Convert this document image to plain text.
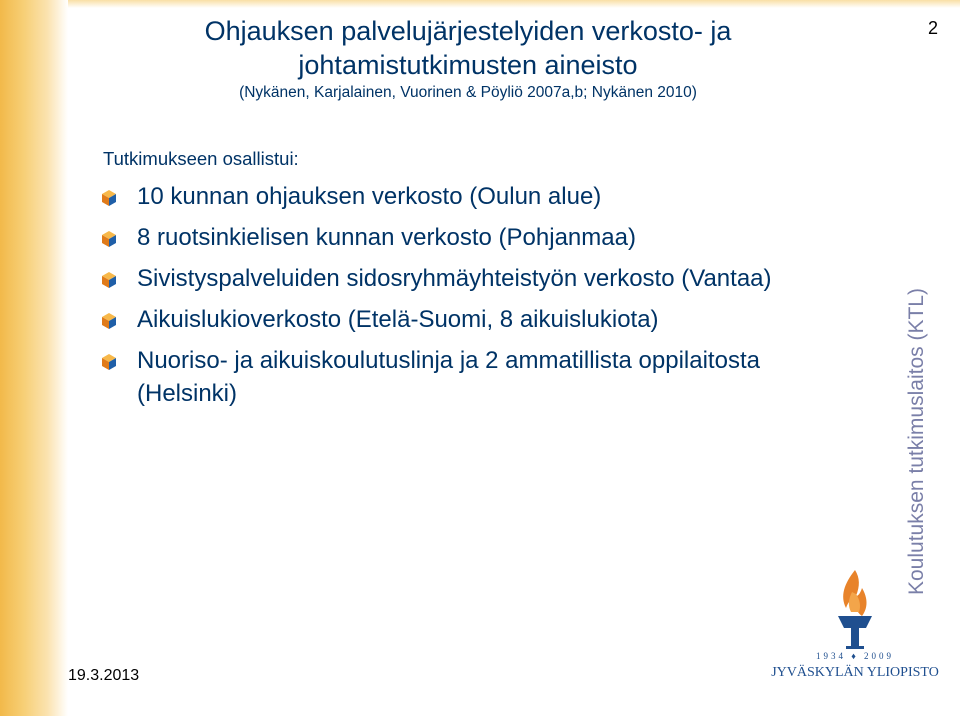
2
Ohjauksen palvelujärjestelyiden verkosto- ja
johtamistutkimusten aineisto
(Nykänen, Karjalainen, Vuorinen & Pöyliö 2007a,b; Nykänen 2010)
Tutkimukseen osallistui:
10 kunnan ohjauksen verkosto (Oulun alue)
8 ruotsinkielisen kunnan verkosto (Pohjanmaa)
Sivistyspalveluiden sidosryhmäyhteistyön verkosto (Vantaa)
Aikuislukioverkosto (Etelä-Suomi, 8 aikuislukiota)
Nuoriso- ja aikuiskoulutuslinja ja 2 ammatillista oppilaitosta (Helsinki)	Koulutuksen tutkimuslaitos (KTL)
19.3.2013
1934 ♦ 2009
JYVÄSKYLÄN YLIOPISTO
